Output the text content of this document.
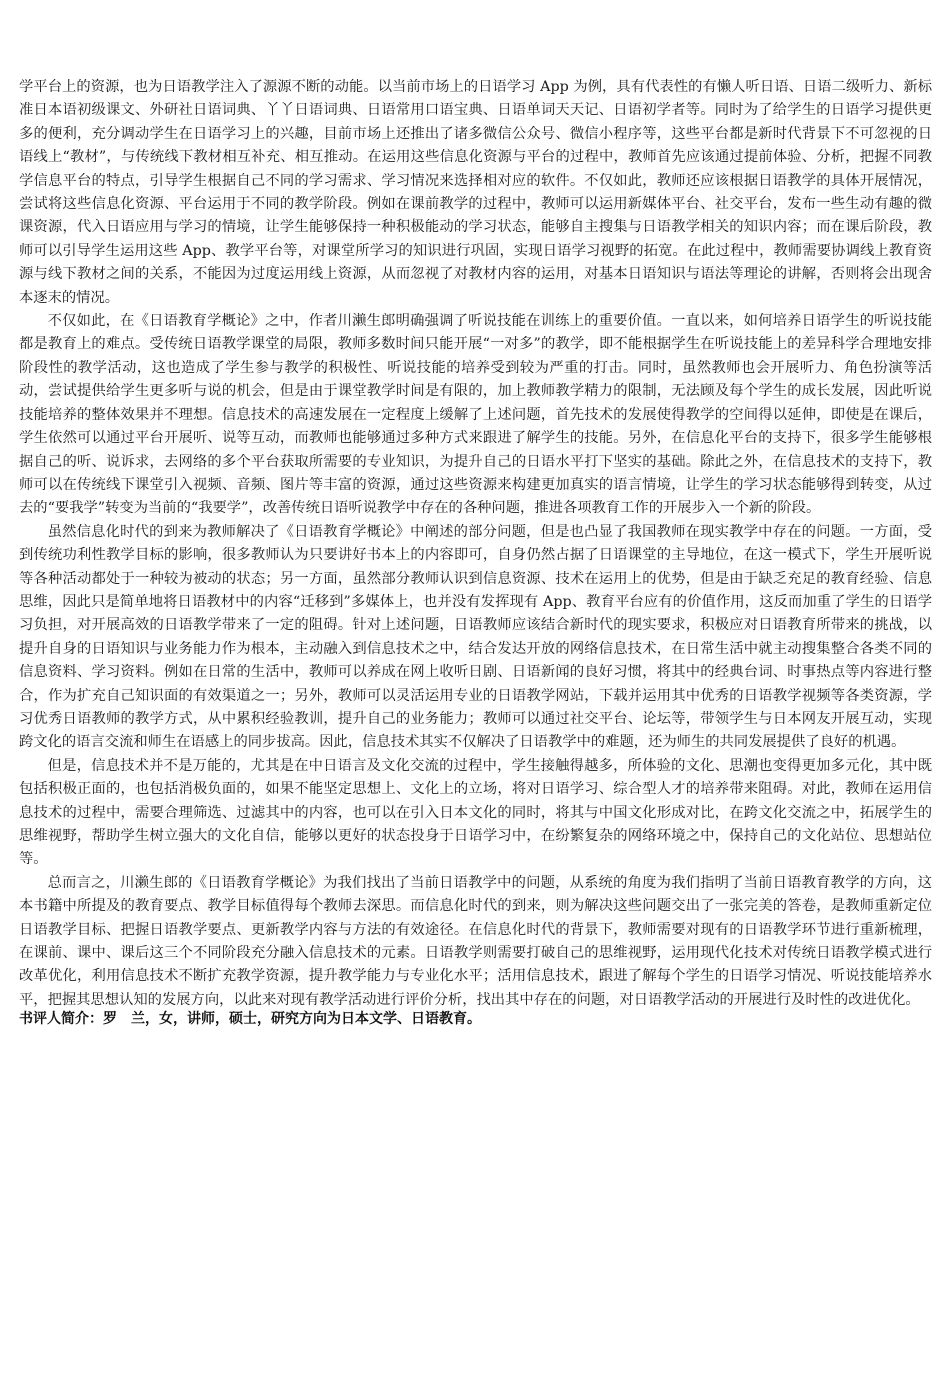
学平台上的资源，也为日语教学注入了源源不断的动能。以当前市场上的日语学习 App 为例，具有代表性的有懒人听日语、日语二级听力、新标准日本语初级课文、外研社日语词典、丫丫日语词典、日语常用口语宝典、日语单词天天记、日语初学者等。同时为了给学生的日语学习提供更多的便利，充分调动学生在日语学习上的兴趣，目前市场上还推出了诸多微信公众号、微信小程序等，这些平台都是新时代背景下不可忽视的日语线上“教材”，与传统线下教材相互补充、相互推动。在运用这些信息化资源与平台的过程中，教师首先应该通过提前体验、分析，把握不同教学信息平台的特点，引导学生根据自己不同的学习需求、学习情况来选择相对应的软件。不仅如此，教师还应该根据日语教学的具体开展情况，尝试将这些信息化资源、平台运用于不同的教学阶段。例如在课前教学的过程中，教师可以运用新媒体平台、社交平台，发布一些生动有趣的微课资源，代入日语应用与学习的情境，让学生能够保持一种积极能动的学习状态，能够自主搜集与日语教学相关的知识内容；而在课后阶段，教师可以引导学生运用这些 App、教学平台等，对课堂所学习的知识进行巩固，实现日语学习视野的拓宽。在此过程中，教师需要协调线上教育资源与线下教材之间的关系，不能因为过度运用线上资源，从而忽视了对教材内容的运用，对基本日语知识与语法等理论的讲解，否则将会出现舍本逐末的情况。

不仅如此，在《日语教育学概论》之中，作者川濑生郎明确强调了听说技能在训练上的重要价值。一直以来，如何培养日语学生的听说技能都是教育上的难点。受传统日语教学课堂的局限，教师多数时间只能开展“一对多”的教学，即不能根据学生在听说技能上的差异科学合理地安排阶段性的教学活动，这也造成了学生参与教学的积极性、听说技能的培养受到较为严重的打击。同时，虽然教师也会开展听力、角色扮演等活动，尝试提供给学生更多听与说的机会，但是由于课堂教学时间是有限的，加上教师教学精力的限制，无法顾及每个学生的成长发展，因此听说技能培养的整体效果并不理想。信息技术的高速发展在一定程度上缓解了上述问题，首先技术的发展使得教学的空间得以延伸，即使是在课后，学生依然可以通过平台开展听、说等互动，而教师也能够通过多种方式来跟进了解学生的技能。另外，在信息化平台的支持下，很多学生能够根据自己的听、说诉求，去网络的多个平台获取所需要的专业知识，为提升自己的日语水平打下坚实的基础。除此之外，在信息技术的支持下，教师可以在传统线下课堂引入视频、音频、图片等丰富的资源，通过这些资源来构建更加真实的语言情境，让学生的学习状态能够得到转变，从过去的“要我学”转变为当前的“我要学”，改善传统日语听说教学中存在的各种问题，推进各项教育工作的开展步入一个新的阶段。

虽然信息化时代的到来为教师解决了《日语教育学概论》中阐述的部分问题，但是也凸显了我国教师在现实教学中存在的问题。一方面，受到传统功利性教学目标的影响，很多教师认为只要讲好书本上的内容即可，自身仍然占据了日语课堂的主导地位，在这一模式下，学生开展听说等各种活动都处于一种较为被动的状态；另一方面，虽然部分教师认识到信息资源、技术在运用上的优势，但是由于缺乏充足的教育经验、信息思维，因此只是简单地将日语教材中的内容“迁移到”多媒体上，也并没有发挥现有 App、教育平台应有的价值作用，这反而加重了学生的日语学习负担，对开展高效的日语教学带来了一定的阻碍。针对上述问题，日语教师应该结合新时代的现实要求，积极应对日语教育所带来的挑战，以提升自身的日语知识与业务能力作为根本，主动融入到信息技术之中，结合发达开放的网络信息技术，在日常生活中就主动搜集整合各类不同的信息资料、学习资料。例如在日常的生活中，教师可以养成在网上收听日剧、日语新闻的良好习惯，将其中的经典台词、时事热点等内容进行整合，作为扩充自己知识面的有效渠道之一；另外，教师可以灵活运用专业的日语教学网站，下载并运用其中优秀的日语教学视频等各类资源，学习优秀日语教师的教学方式，从中累积经验教训，提升自己的业务能力；教师可以通过社交平台、论坛等，带领学生与日本网友开展互动，实现跨文化的语言交流和师生在语感上的同步拔高。因此，信息技术其实不仅解决了日语教学中的难题，还为师生的共同发展提供了良好的机遇。

但是，信息技术并不是万能的，尤其是在中日语言及文化交流的过程中，学生接触得越多，所体验的文化、思潮也变得更加多元化，其中既包括积极正面的，也包括消极负面的，如果不能坚定思想上、文化上的立场，将对日语学习、综合型人才的培养带来阻碍。对此，教师在运用信息技术的过程中，需要合理筛选、过滤其中的内容，也可以在引入日本文化的同时，将其与中国文化形成对比，在跨文化交流之中，拓展学生的思维视野，帮助学生树立强大的文化自信，能够以更好的状态投身于日语学习中，在纷繁复杂的网络环境之中，保持自己的文化站位、思想站位等。

总而言之，川濑生郎的《日语教育学概论》为我们找出了当前日语教学中的问题，从系统的角度为我们指明了当前日语教育教学的方向，这本书籍中所提及的教育要点、教学目标值得每个教师去深思。而信息化时代的到来，则为解决这些问题交出了一张完美的答卷，是教师重新定位日语教学目标、把握日语教学要点、更新教学内容与方法的有效途径。在信息化时代的背景下，教师需要对现有的日语教学环节进行重新梳理，在课前、课中、课后这三个不同阶段充分融入信息技术的元素。日语教学则需要打破自己的思维视野，运用现代化技术对传统日语教学模式进行改革优化，利用信息技术不断扩充教学资源，提升教学能力与专业化水平；活用信息技术，跟进了解每个学生的日语学习情况、听说技能培养水平，把握其思想认知的发展方向，以此来对现有教学活动进行评价分析，找出其中存在的问题，对日语教学活动的开展进行及时性的改进优化。

书评人简介：罗　兰，女，讲师，硕士，研究方向为日本文学、日语教育。
